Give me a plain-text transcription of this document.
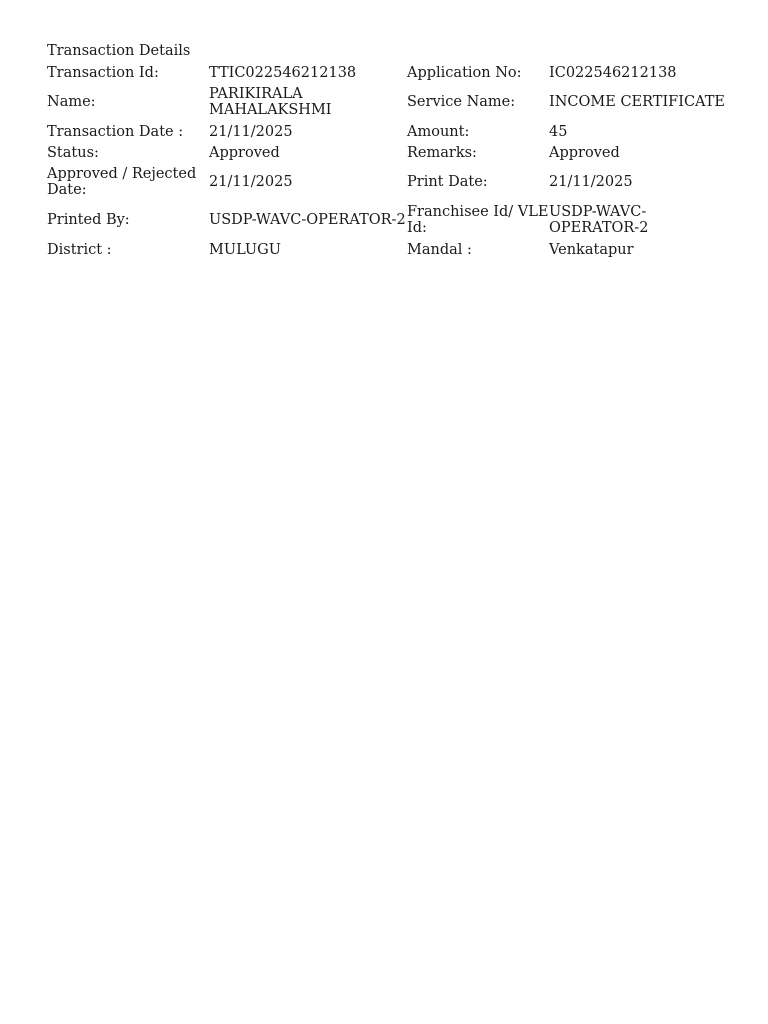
Transaction Details
Transaction Id:	TTIC022546212138	Application No:	IC022546212138
Name:	PARIKIRALA MAHALAKSHMI	Service Name:	INCOME CERTIFICATE
Transaction Date :	21/11/2025	Amount:	45
Status:	Approved	Remarks:	Approved
Approved / Rejected Date:	21/11/2025	Print Date:	21/11/2025
Printed By:	USDP-WAVC-OPERATOR-2	Franchisee Id/ VLE Id:	USDP-WAVC-OPERATOR-2
District :	MULUGU	Mandal :	Venkatapur
